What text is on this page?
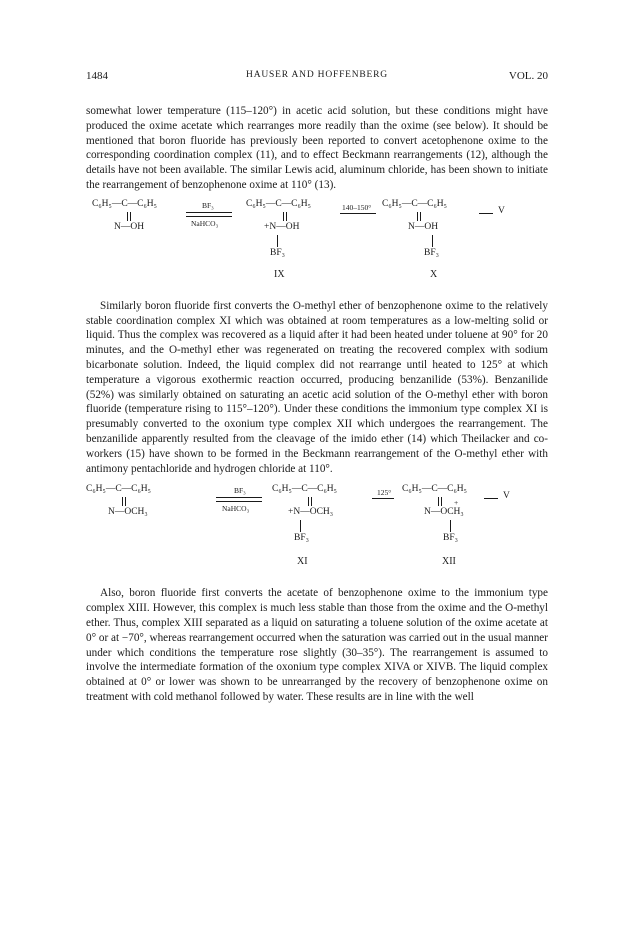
1484	HAUSER AND HOFFENBERG	VOL. 20

somewhat lower temperature (115–120°) in acetic acid solution, but these conditions might have produced the oxime acetate which rearranges more readily than the oxime (see below). It should be mentioned that boron fluoride has previously been reported to convert acetophenone oxime to the corresponding coordination complex (11), and to effect Beckmann rearrangements (12), although the details have not been available. The similar Lewis acid, aluminum chloride, has been shown to initiate the rearrangement of benzophenone oxime at 110° (13).

C₆H₅—C—C₆H₅
N—OH
BF₃
NaHCO₃
C₆H₅—C—C₆H₅
+N—OH
BF₃
IX
140–150° C₆H₅—C—C₆H₅
N—OH
BF₃
X
V

Similarly boron fluoride first converts the O-methyl ether of benzophenone oxime to the relatively stable coordination complex XI which was obtained at room temperatures as a low-melting solid or liquid. Thus the complex was recovered as a liquid after it had been heated under toluene at 90° for 20 minutes, and the O-methyl ether was regenerated on treating the recovered complex with sodium bicarbonate solution. Indeed, the liquid complex did not rearrange until heated to 125° at which temperature a vigorous exothermic reaction occurred, producing benzanilide (53%). Benzanilide (52%) was similarly obtained on saturating an acetic acid solution of the O-methyl ether with boron fluoride (temperature rising to 115°–120°). Under these conditions the immonium type complex XI is presumably converted to the oxonium type complex XII which undergoes the rearrangement. The benzanilide apparently resulted from the cleavage of the imido ether (14) which Theilacker and co-workers (15) have shown to be formed in the Beckmann rearrangement of the O-methyl ether with antimony pentachloride and hydrogen chloride at 110°.

C₆H₅—C—C₆H₅
N—OCH₃
BF₃
NaHCO₃
C₆H₅—C—C₆H₅
+N—OCH₃
BF₃
XI
125° C₆H₅—C—C₆H₅
+
N—OCH₃
BF₃
XII
V

Also, boron fluoride first converts the acetate of benzophenone oxime to the immonium type complex XIII. However, this complex is much less stable than those from the oxime and the O-methyl ether. Thus, complex XIII separated as a liquid on saturating a toluene solution of the oxime acetate at 0° or at −70°, whereas rearrangement occurred when the saturation was carried out in the usual manner under which conditions the temperature rose slightly (30–35°). The rearrangement is assumed to involve the intermediate formation of the oxonium type complex XIVA or XIVB. The liquid complex obtained at 0° or lower was shown to be unrearranged by the recovery of benzophenone oxime on treatment with cold methanol followed by water. These results are in line with the well
